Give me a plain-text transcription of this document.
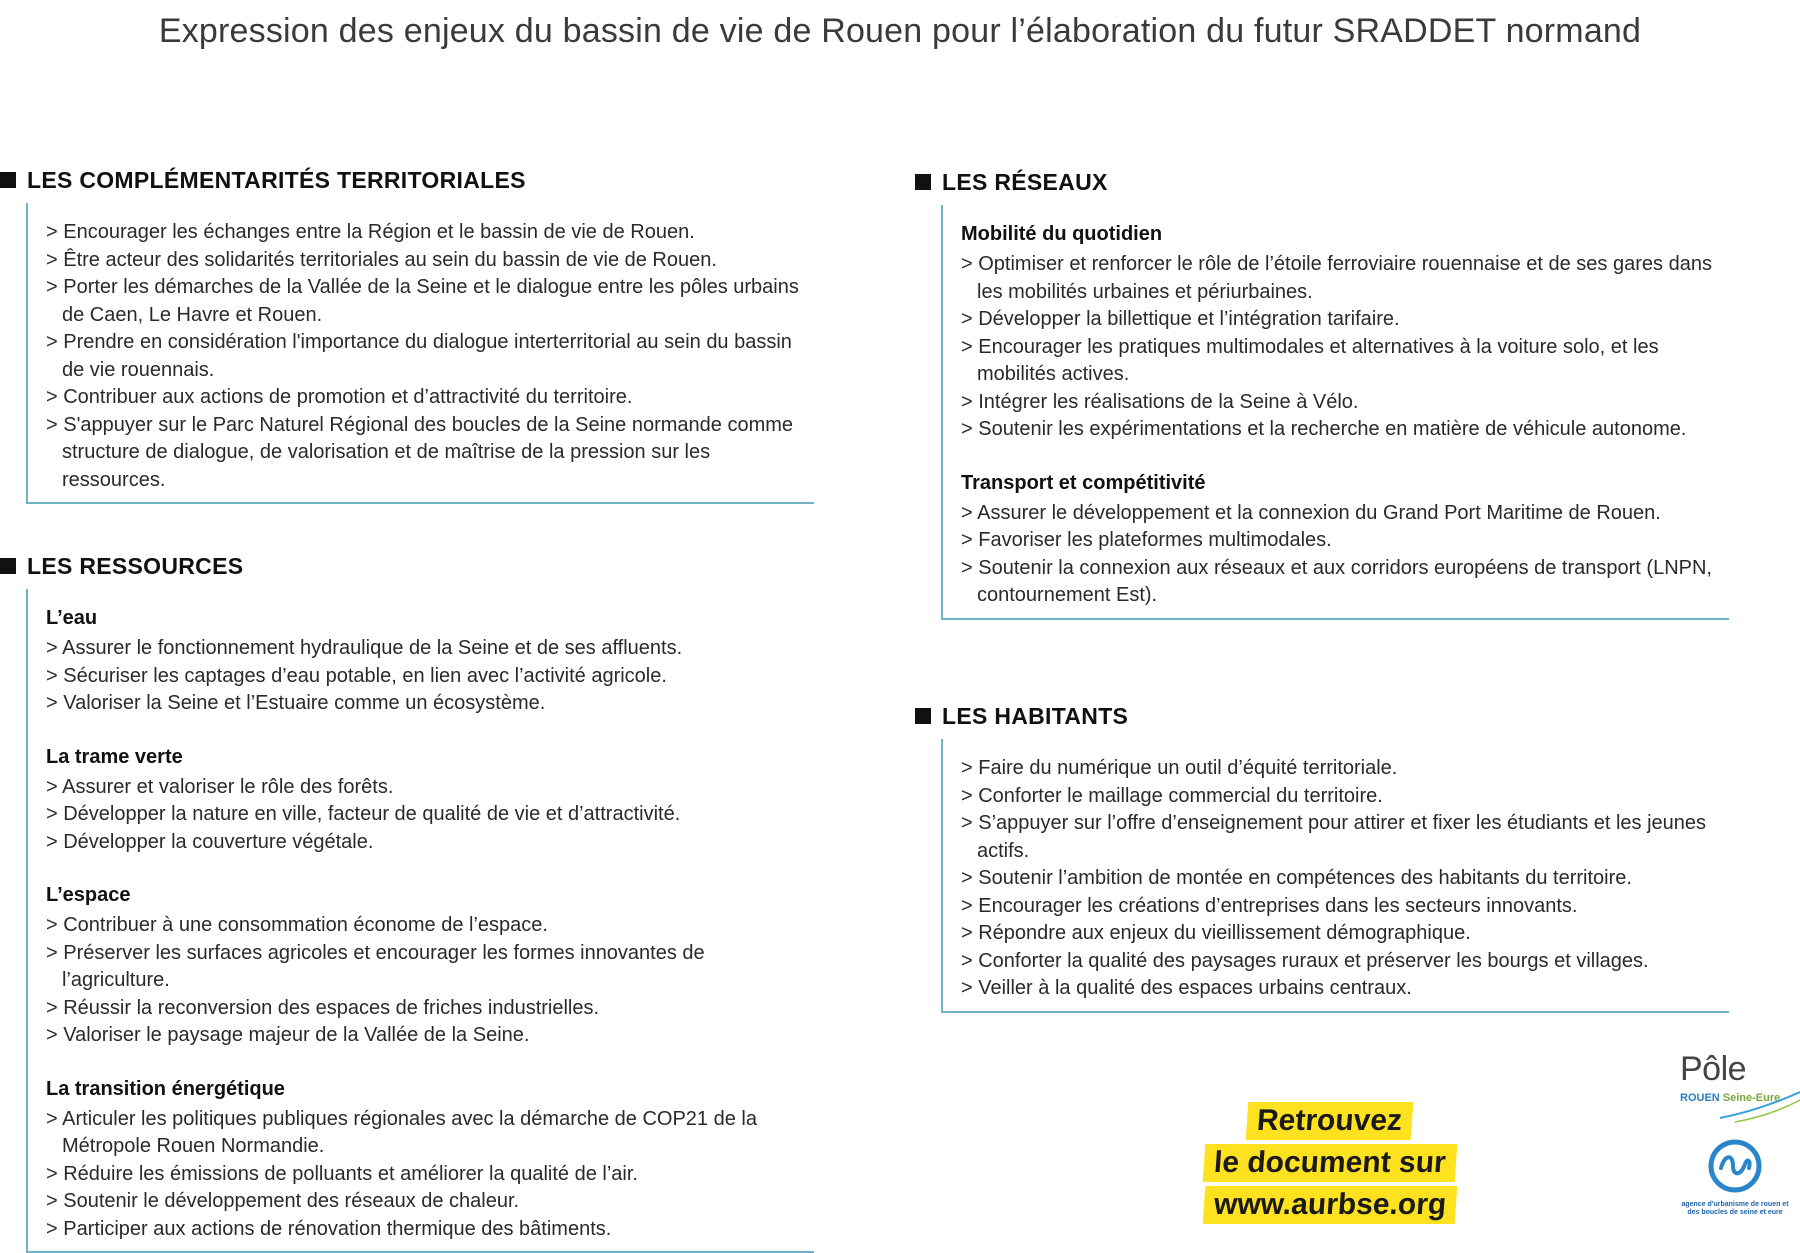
Expression des enjeux du bassin de vie de Rouen pour l’élaboration du futur SRADDET normand
LES COMPLÉMENTARITÉS TERRITORIALES
> Encourager les échanges entre la Région et le bassin de vie de Rouen.
> Être acteur des solidarités territoriales au sein du bassin de vie de Rouen.
> Porter les démarches de la Vallée de la Seine et le dialogue entre les pôles urbains de Caen, Le Havre et Rouen.
> Prendre en considération l'importance du dialogue interterritorial au sein du bassin de vie rouennais.
> Contribuer aux actions de promotion et d’attractivité du territoire.
> S'appuyer sur le Parc Naturel Régional des boucles de la Seine normande comme structure de dialogue, de valorisation et de maîtrise de la pression sur les ressources.
LES RESSOURCES
L’eau
> Assurer le fonctionnement hydraulique de la Seine et de ses affluents.
> Sécuriser les captages d’eau potable, en lien avec l’activité agricole.
> Valoriser la Seine et l’Estuaire comme un écosystème.
La trame verte
> Assurer et valoriser le rôle des forêts.
> Développer la nature en ville, facteur de qualité de vie et d’attractivité.
> Développer la couverture végétale.
L’espace
> Contribuer à une consommation économe de l’espace.
> Préserver les surfaces agricoles et encourager les formes innovantes de l’agriculture.
> Réussir la reconversion des espaces de friches industrielles.
> Valoriser le paysage majeur de la Vallée de la Seine.
La transition énergétique
> Articuler les politiques publiques régionales avec la démarche de COP21 de la Métropole Rouen Normandie.
> Réduire les émissions de polluants et améliorer la qualité de l’air.
> Soutenir le développement des réseaux de chaleur.
> Participer aux actions de rénovation thermique des bâtiments.
LES RÉSEAUX
Mobilité du quotidien
> Optimiser et renforcer le rôle de l’étoile ferroviaire rouennaise et de ses gares dans les mobilités urbaines et périurbaines.
> Développer la billettique et l’intégration tarifaire.
> Encourager les pratiques multimodales et alternatives à la voiture solo, et les mobilités actives.
> Intégrer les réalisations de la Seine à Vélo.
> Soutenir les expérimentations et la recherche en matière de véhicule autonome.
Transport et compétitivité
> Assurer le développement et la connexion du Grand Port Maritime de Rouen.
> Favoriser les plateformes multimodales.
> Soutenir la connexion aux réseaux et aux corridors européens de transport (LNPN, contournement Est).
LES HABITANTS
> Faire du numérique un outil d’équité territoriale.
> Conforter le maillage commercial du territoire.
> S’appuyer sur l’offre d’enseignement pour attirer et fixer les étudiants et les jeunes actifs.
> Soutenir l’ambition de montée en compétences des habitants du territoire.
> Encourager les créations d’entreprises dans les secteurs innovants.
> Répondre aux enjeux du vieillissement démographique.
> Conforter la qualité des paysages ruraux et préserver les bourgs et villages.
> Veiller à la qualité des espaces urbains centraux.
Retrouvez
le document sur
www.aurbse.org
Pôle
ROUEN Seine-Eure
agence d'urbanisme de rouen et des boucles de seine et eure
